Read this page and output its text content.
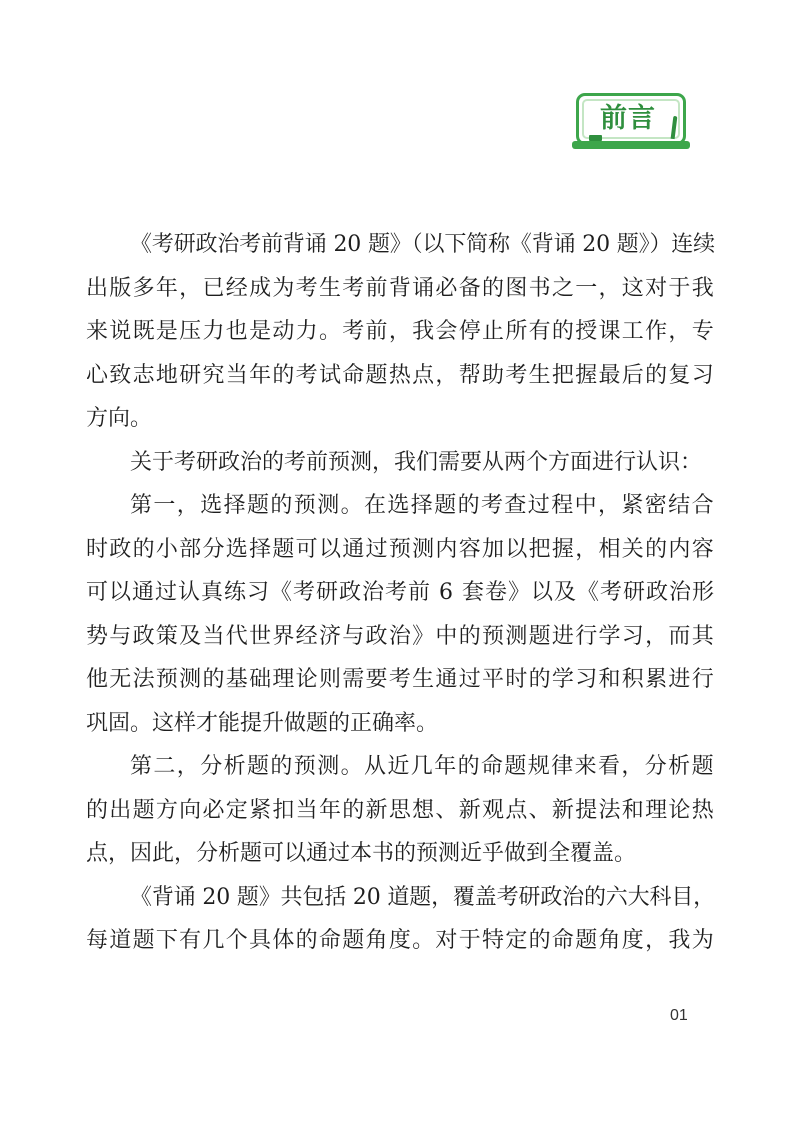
前言
《考研政治考前背诵 20 题》（以下简称《背诵 20 题》）连续
出版多年，已经成为考生考前背诵必备的图书之一，这对于我
来说既是压力也是动力。考前，我会停止所有的授课工作，专
心致志地研究当年的考试命题热点，帮助考生把握最后的复习
方向。
关于考研政治的考前预测，我们需要从两个方面进行认识：
第一，选择题的预测。在选择题的考查过程中，紧密结合
时政的小部分选择题可以通过预测内容加以把握，相关的内容
可以通过认真练习《考研政治考前 6 套卷》以及《考研政治形
势与政策及当代世界经济与政治》中的预测题进行学习，而其
他无法预测的基础理论则需要考生通过平时的学习和积累进行
巩固。这样才能提升做题的正确率。
第二，分析题的预测。从近几年的命题规律来看，分析题
的出题方向必定紧扣当年的新思想、新观点、新提法和理论热
点，因此，分析题可以通过本书的预测近乎做到全覆盖。
《背诵 20 题》共包括 20 道题，覆盖考研政治的六大科目，
每道题下有几个具体的命题角度。对于特定的命题角度，我为
01
